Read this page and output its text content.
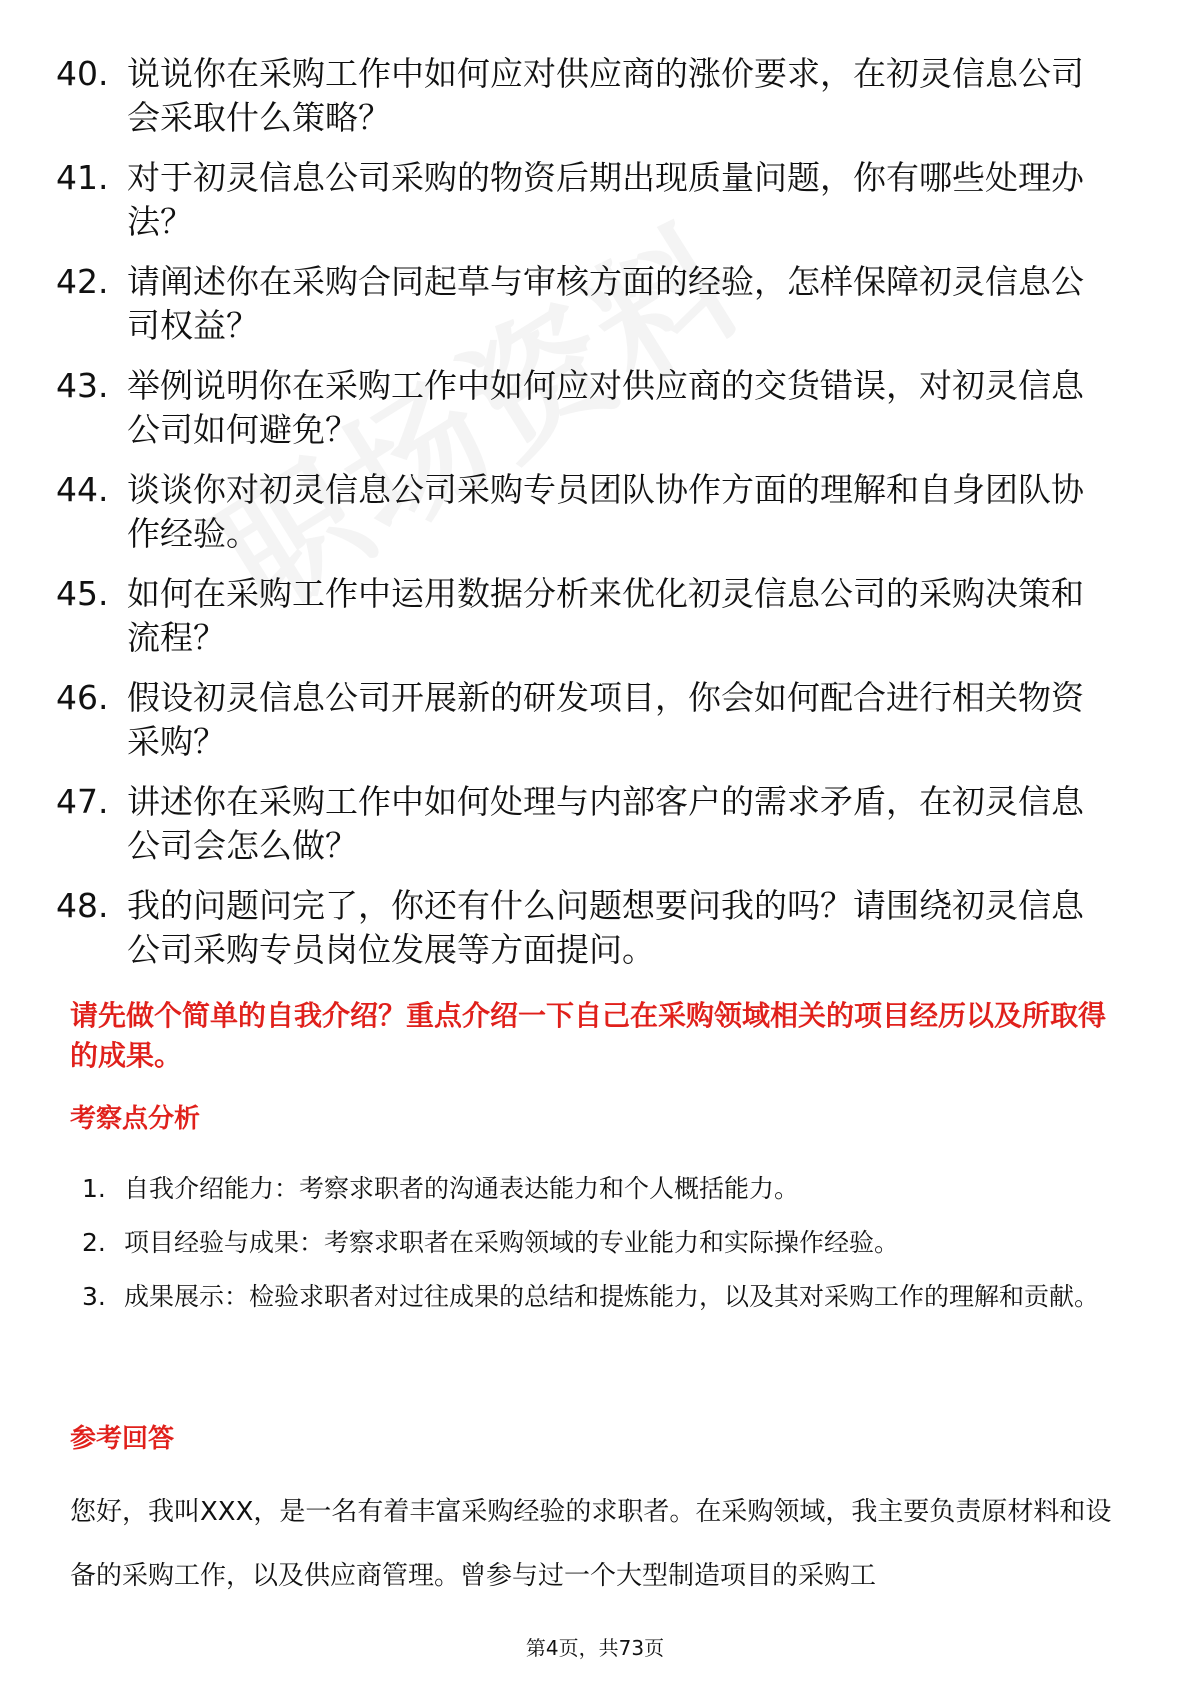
40. 说说你在采购工作中如何应对供应商的涨价要求，在初灵信息公司会采取什么策略？
41. 对于初灵信息公司采购的物资后期出现质量问题，你有哪些处理办法？
42. 请阐述你在采购合同起草与审核方面的经验，怎样保障初灵信息公司权益？
43. 举例说明你在采购工作中如何应对供应商的交货错误，对初灵信息公司如何避免？
44. 谈谈你对初灵信息公司采购专员团队协作方面的理解和自身团队协作经验。
45. 如何在采购工作中运用数据分析来优化初灵信息公司的采购决策和流程？
46. 假设初灵信息公司开展新的研发项目，你会如何配合进行相关物资采购？
47. 讲述你在采购工作中如何处理与内部客户的需求矛盾，在初灵信息公司会怎么做？
48. 我的问题问完了，你还有什么问题想要问我的吗？请围绕初灵信息公司采购专员岗位发展等方面提问。

请先做个简单的自我介绍？重点介绍一下自己在采购领域相关的项目经历以及所取得的成果。

考察点分析
1. 自我介绍能力：考察求职者的沟通表达能力和个人概括能力。
2. 项目经验与成果：考察求职者在采购领域的专业能力和实际操作经验。
3. 成果展示：检验求职者对过往成果的总结和提炼能力，以及其对采购工作的理解和贡献。
参考回答

您好，我叫XXX，是一名有着丰富采购经验的求职者。在采购领域，我主要负责原材料和设备的采购工作，以及供应商管理。曾参与过一个大型制造项目的采购工

第4页，共73页
